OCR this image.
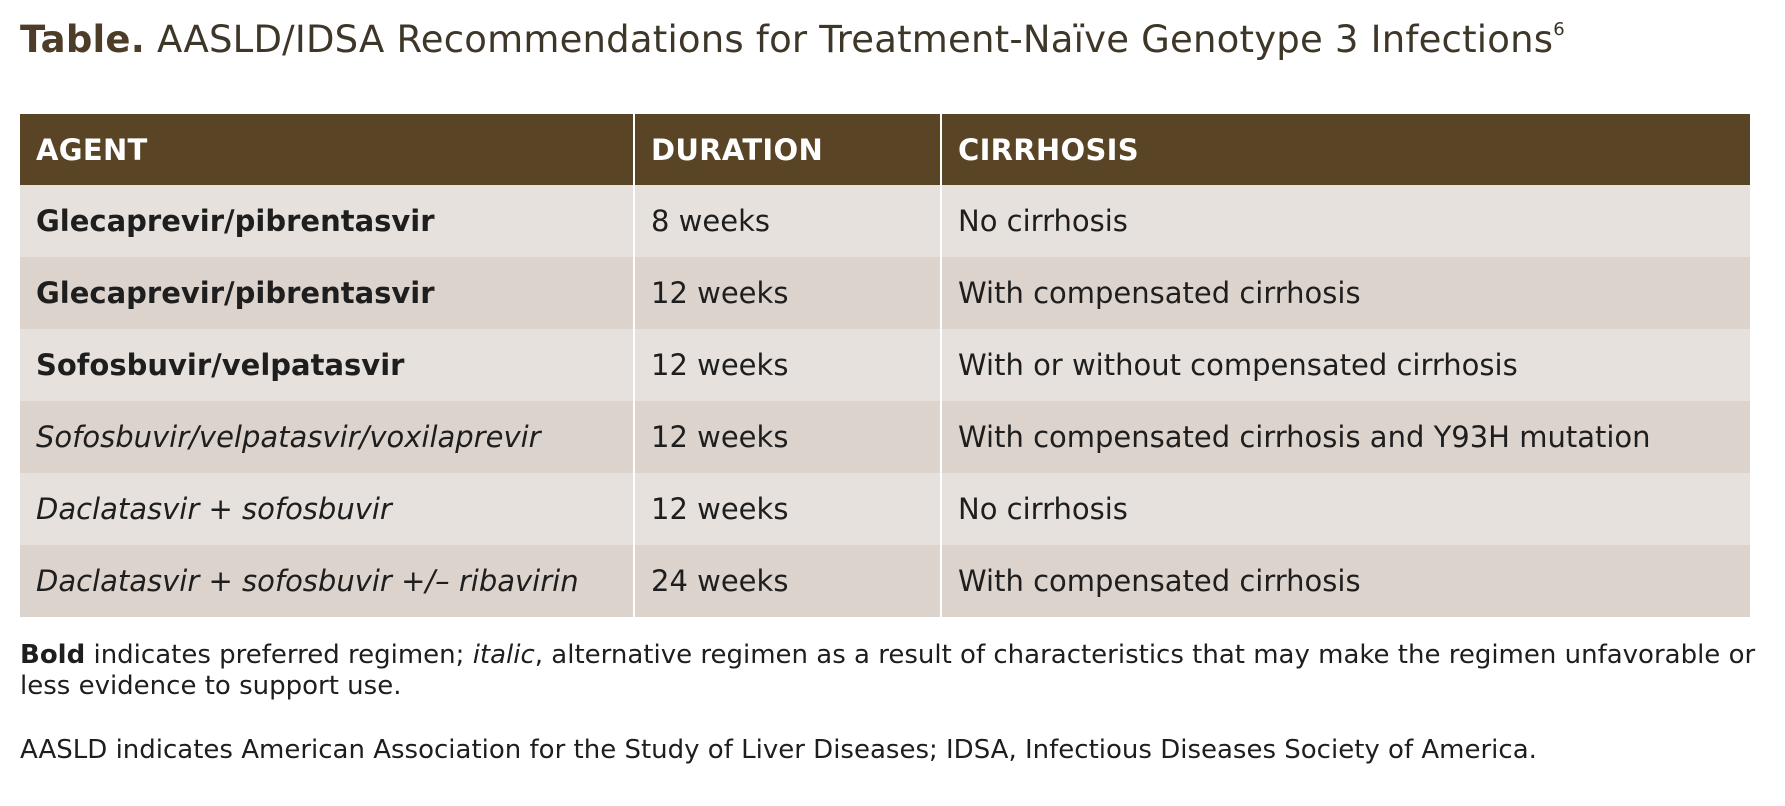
Table. AASLD/IDSA Recommendations for Treatment-Naïve Genotype 3 Infections$^6$
AGENT	DURATION	CIRRHOSIS
Glecaprevir/pibrentasvir	8 weeks	No cirrhosis
Glecaprevir/pibrentasvir	12 weeks	With compensated cirrhosis
Sofosbuvir/velpatasvir	12 weeks	With or without compensated cirrhosis
Sofosbuvir/velpatasvir/voxilaprevir	12 weeks	With compensated cirrhosis and Y93H mutation
Daclatasvir + sofosbuvir	12 weeks	No cirrhosis
Daclatasvir + sofosbuvir +/– ribavirin	24 weeks	With compensated cirrhosis

Bold indicates preferred regimen; italic, alternative regimen as a result of characteristics that may make the regimen unfavorable or less evidence to support use.

AASLD indicates American Association for the Study of Liver Diseases; IDSA, Infectious Diseases Society of America.
